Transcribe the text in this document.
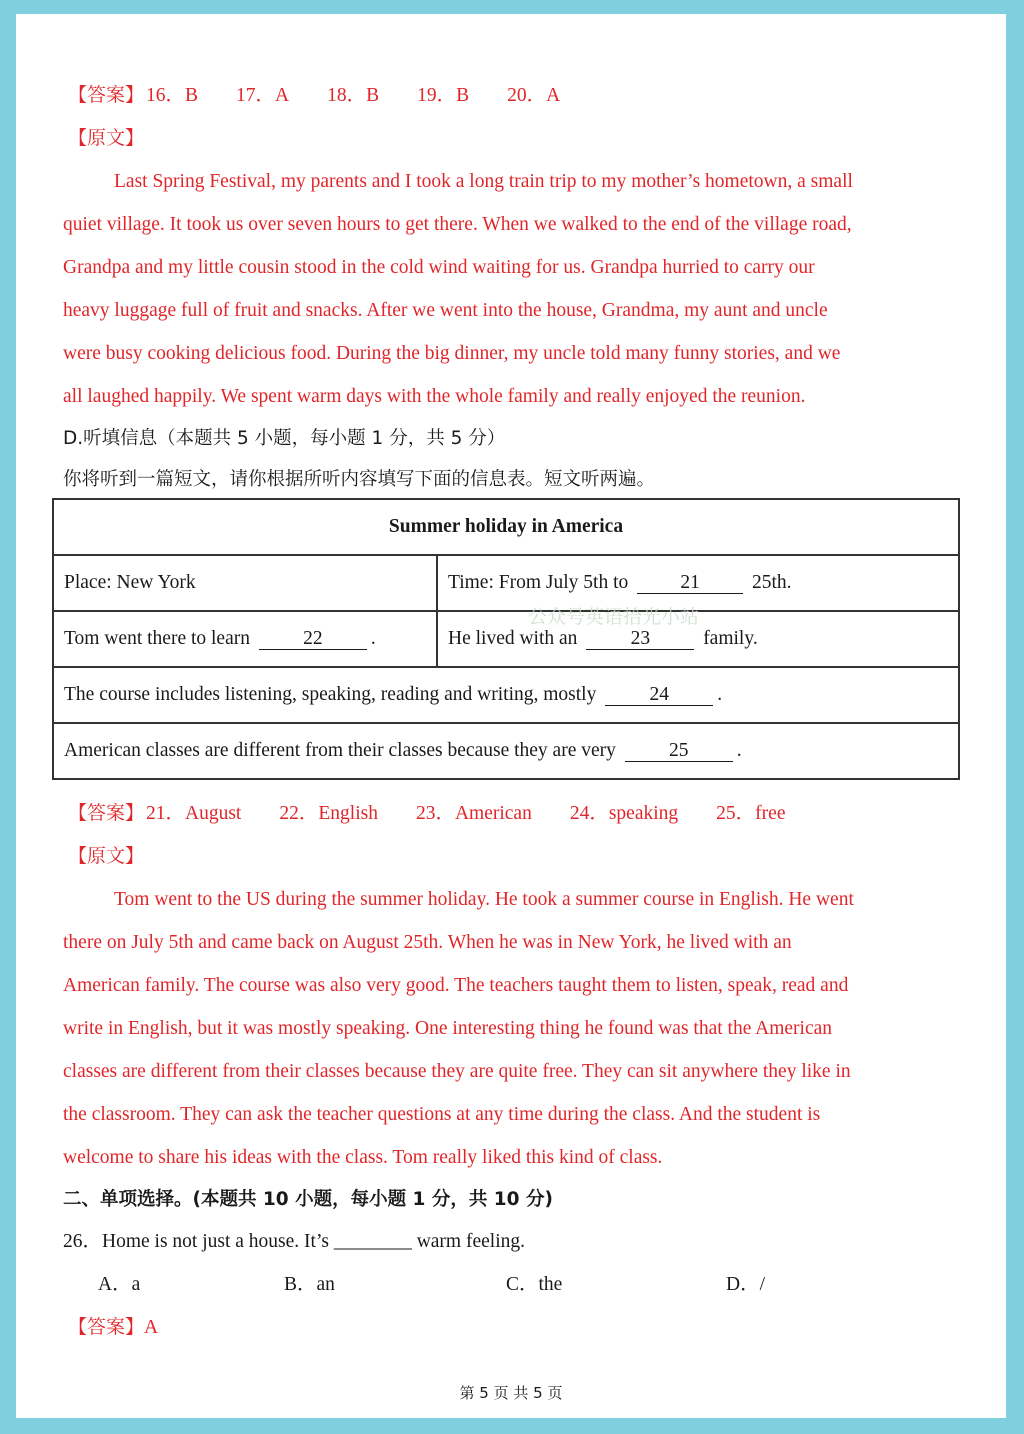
【答案】 16．B 17．A 18．B 19．B 20．A
【原文】
Last Spring Festival, my parents and I took a long train trip to my mother’s hometown, a small
quiet village. It took us over seven hours to get there. When we walked to the end of the village road,
Grandpa and my little cousin stood in the cold wind waiting for us. Grandpa hurried to carry our
heavy luggage full of fruit and snacks. After we went into the house, Grandma, my aunt and uncle
were busy cooking delicious food. During the big dinner, my uncle told many funny stories, and we
all laughed happily. We spent warm days with the whole family and really enjoyed the reunion.
D.听填信息（本题共 5 小题，每小题 1 分，共 5 分）
你将听到一篇短文，请你根据所听内容填写下面的信息表。短文听两遍。
Summer holiday in America	
Place: New York	Time: From July 5th to 21 25th.
Tom went there to learn 22 .	He lived with an 23 family.
The course includes listening, speaking, reading and writing, mostly 24 .	
American classes are different from their classes because they are very 25 .	
公众号英语拾光小站
【答案】 21．August 22．English 23．American 24．speaking 25．free
【原文】
Tom went to the US during the summer holiday. He took a summer course in English. He went
there on July 5th and came back on August 25th. When he was in New York, he lived with an
American family. The course was also very good. The teachers taught them to listen, speak, read and
write in English, but it was mostly speaking. One interesting thing he found was that the American
classes are different from their classes because they are quite free. They can sit anywhere they like in
the classroom. They can ask the teacher questions at any time during the class. And the student is
welcome to share his ideas with the class. Tom really liked this kind of class.
二、单项选择。(本题共 10 小题，每小题 1 分，共 10 分)
26．Home is not just a house. It’s ________ warm feeling.
A．a	B．an	C．the	D．/
【答案】A
第 5 页 共 5 页
